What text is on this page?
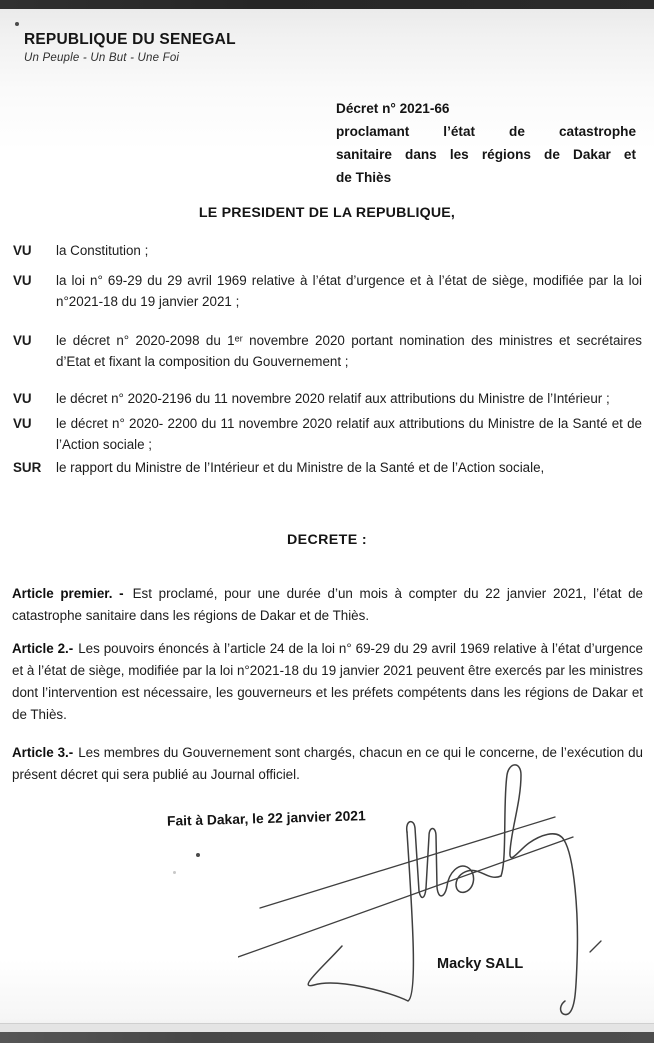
REPUBLIQUE DU SENEGAL
Un Peuple - Un But - Une Foi
Décret n° 2021-66
proclamant l’état de catastrophe
sanitaire dans les régions de Dakar et
de Thiès
LE PRESIDENT DE LA REPUBLIQUE,
VU	la Constitution ;
VU	la loi n° 69-29 du 29 avril 1969 relative à l’état d’urgence et à l’état de siège, modifiée par la loi n°2021-18 du 19 janvier 2021 ;
VU	le décret n° 2020-2098 du 1ᵉʳ novembre 2020 portant nomination des ministres et secrétaires d’Etat et fixant la composition du Gouvernement ;
VU	le décret n° 2020-2196 du 11 novembre 2020 relatif aux attributions du Ministre de l’Intérieur ;
VU	le décret n° 2020- 2200 du 11 novembre 2020 relatif aux attributions du Ministre de la Santé et de l’Action sociale ;
SUR	le rapport du Ministre de l’Intérieur et du Ministre de la Santé et de l’Action sociale,
DECRETE :

Article premier. - Est proclamé, pour une durée d’un mois à compter du 22 janvier 2021, l’état de catastrophe sanitaire dans les régions de Dakar et de Thiès.

Article 2.- Les pouvoirs énoncés à l’article 24 de la loi n° 69-29 du 29 avril 1969 relative à l’état d’urgence et à l’état de siège, modifiée par la loi n°2021-18 du 19 janvier 2021 peuvent être exercés par les ministres dont l’intervention est nécessaire, les gouverneurs et les préfets compétents dans les régions de Dakar et de Thiès.

Article 3.- Les membres du Gouvernement sont chargés, chacun en ce qui le concerne, de l’exécution du présent décret qui sera publié au Journal officiel.

Fait à Dakar, le 22 janvier 2021
Macky SALL
